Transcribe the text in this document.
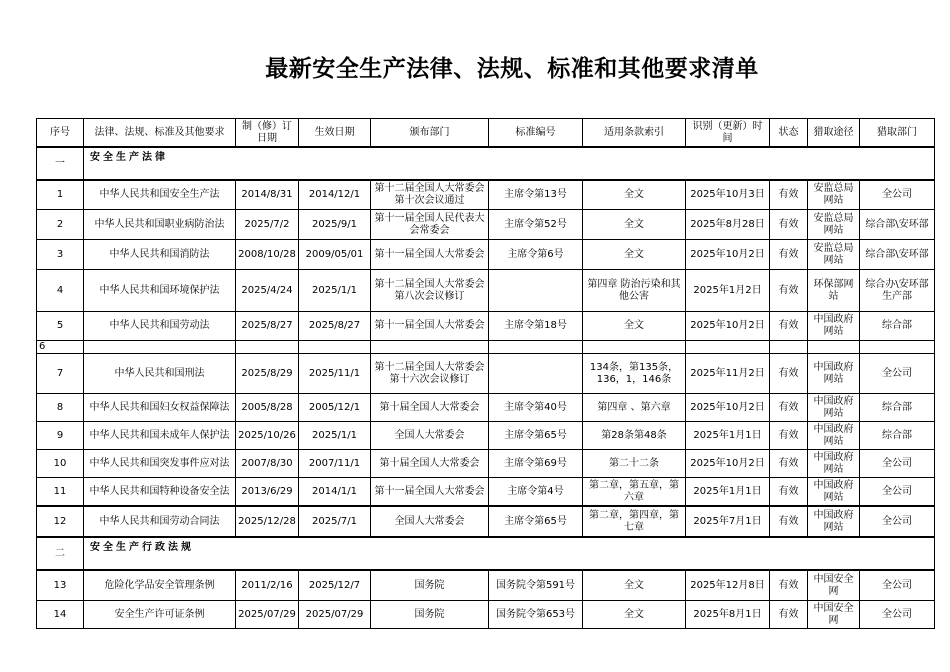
最新安全生产法律、法规、标准和其他要求清单
序号	法律、法规、标准及其他要求	制（修）订日期	生效日期	颁布部门	标准编号	适用条款索引	识别（更新）时间	状态	猎取途径	猎取部门
一	安全生产法律									
1	中华人民共和国安全生产法	2014/8/31	2014/12/1	第十二届全国人大常委会第十次会议通过	主席令第13号	全文	2025年10月3日	有效	安监总局网站	全公司
2	中华人民共和国职业病防治法	2025/7/2	2025/9/1	第十一届全国人民代表大会常委会	主席令第52号	全文	2025年8月28日	有效	安监总局网站	综合部\安环部
3	中华人民共和国消防法	2008/10/28	2009/05/01	第十一届全国人大常委会	主席令第6号	全文	2025年10月2日	有效	安监总局网站	综合部\安环部
4	中华人民共和国环境保护法	2025/4/24	2025/1/1	第十二届全国人大常委会第八次会议修订		第四章 防治污染和其他公害	2025年1月2日	有效	环保部网站	综合办\安环部生产部
5	中华人民共和国劳动法	2025/8/27	2025/8/27	第十一届全国人大常委会	主席令第18号	全文	2025年10月2日	有效	中国政府网站	综合部
6										
7	中华人民共和国刑法	2025/8/29	2025/11/1	第十二届全国人大常委会第十六次会议修订		134条，第135条，136，1，146条	2025年11月2日	有效	中国政府网站	全公司
8	中华人民共和国妇女权益保障法	2005/8/28	2005/12/1	第十届全国人大常委会	主席令第40号	第四章 、第六章	2025年10月2日	有效	中国政府网站	综合部
9	中华人民共和国未成年人保护法	2025/10/26	2025/1/1	全国人大常委会	主席令第65号	第28条第48条	2025年1月1日	有效	中国政府网站	综合部
10	中华人民共和国突发事件应对法	2007/8/30	2007/11/1	第十届全国人大常委会	主席令第69号	第二十二条	2025年10月2日	有效	中国政府网站	全公司
11	中华人民共和国特种设备安全法	2013/6/29	2014/1/1	第十一届全国人大常委会	主席令第4号	第二章，第五章，第六章	2025年1月1日	有效	中国政府网站	全公司
12	中华人民共和国劳动合同法	2025/12/28	2025/7/1	全国人大常委会	主席令第65号	第二章，第四章，第七章	2025年7月1日	有效	中国政府网站	全公司
二	安全生产行政法规									
13	危险化学品安全管理条例	2011/2/16	2025/12/7	国务院	国务院令第591号	全文	2025年12月8日	有效	中国安全网	全公司
14	安全生产许可证条例	2025/07/29	2025/07/29	国务院	国务院令第653号	全文	2025年8月1日	有效	中国安全网	全公司
